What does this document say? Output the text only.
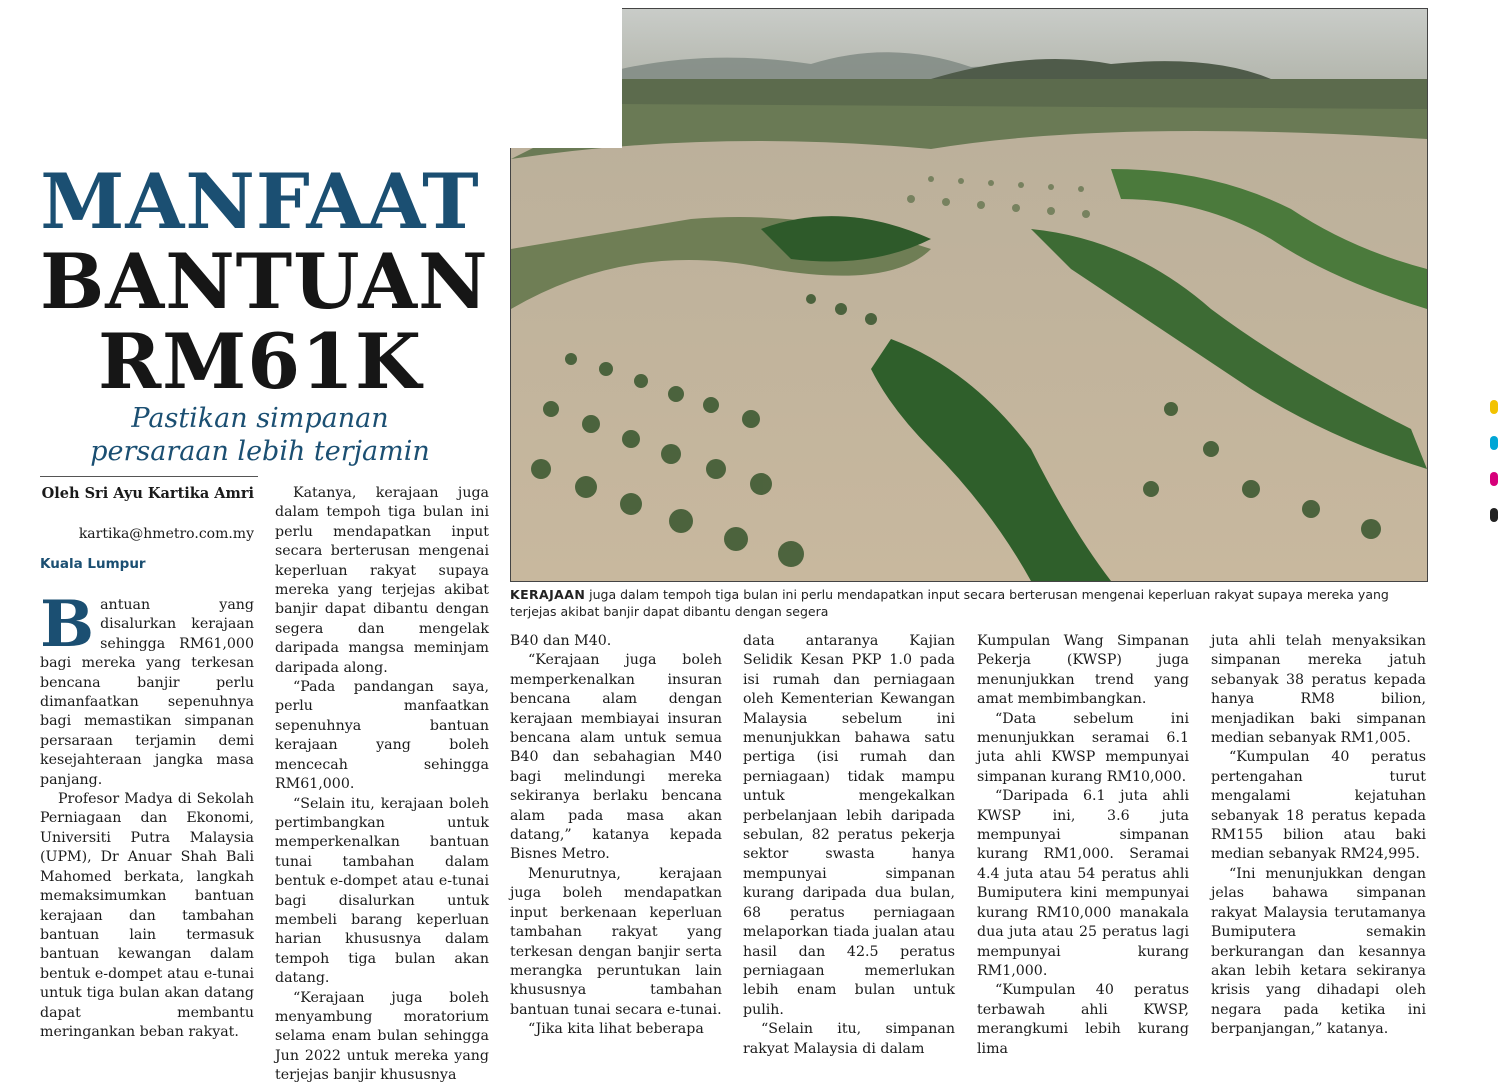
KERAJAAN juga dalam tempoh tiga bulan ini perlu mendapatkan input secara berterusan mengenai keperluan rakyat supaya mereka yang terjejas akibat banjir dapat dibantu dengan segera
MANFAAT
BANTUAN
RM61K
Pastikan simpanan persaraan lebih terjamin
Oleh Sri Ayu Kartika Amri
kartika@hmetro.com.my
Kuala Lumpur

Bantuan yang disalurkan kerajaan sehingga RM61,000 bagi mereka yang terkesan bencana banjir perlu dimanfaatkan sepenuhnya bagi memastikan simpanan persaraan terjamin demi kesejahteraan jangka masa panjang.

Profesor Madya di Sekolah Perniagaan dan Ekonomi, Universiti Putra Malaysia (UPM), Dr Anuar Shah Bali Mahomed berkata, langkah memaksimumkan bantuan kerajaan dan tambahan bantuan lain termasuk bantuan kewangan dalam bentuk e-dompet atau e-tunai untuk tiga bulan akan datang dapat membantu meringankan beban rakyat.

Katanya, kerajaan juga dalam tempoh tiga bulan ini perlu mendapatkan input secara berterusan mengenai keperluan rakyat supaya mereka yang terjejas akibat banjir dapat dibantu dengan segera dan mengelak daripada mangsa meminjam daripada along.

“Pada pandangan saya, perlu manfaatkan sepenuhnya bantuan kerajaan yang boleh mencecah sehingga RM61,000.

“Selain itu, kerajaan boleh pertimbangkan untuk memperkenalkan bantuan tunai tambahan dalam bentuk e-dompet atau e-tunai bagi disalurkan untuk membeli barang keperluan harian khususnya dalam tempoh tiga bulan akan datang.

“Kerajaan juga boleh menyambung moratorium selama enam bulan sehingga Jun 2022 untuk mereka yang terjejas banjir khususnya

B40 dan M40.

“Kerajaan juga boleh memperkenalkan insuran bencana alam dengan kerajaan membiayai insuran bencana alam untuk semua B40 dan sebahagian M40 bagi melindungi mereka sekiranya berlaku bencana alam pada masa akan datang,” katanya kepada Bisnes Metro.

Menurutnya, kerajaan juga boleh mendapatkan input berkenaan keperluan tambahan rakyat yang terkesan dengan banjir serta merangka peruntukan lain khususnya tambahan bantuan tunai secara e-tunai.

“Jika kita lihat beberapa

data antaranya Kajian Selidik Kesan PKP 1.0 pada isi rumah dan perniagaan oleh Kementerian Kewangan Malaysia sebelum ini menunjukkan bahawa satu pertiga (isi rumah dan perniagaan) tidak mampu untuk mengekalkan perbelanjaan lebih daripada sebulan, 82 peratus pekerja sektor swasta hanya mempunyai simpanan kurang daripada dua bulan, 68 peratus perniagaan melaporkan tiada jualan atau hasil dan 42.5 peratus perniagaan memerlukan lebih enam bulan untuk pulih.

“Selain itu, simpanan rakyat Malaysia di dalam

Kumpulan Wang Simpanan Pekerja (KWSP) juga menunjukkan trend yang amat membimbangkan.

“Data sebelum ini menunjukkan seramai 6.1 juta ahli KWSP mempunyai simpanan kurang RM10,000.

“Daripada 6.1 juta ahli KWSP ini, 3.6 juta mempunyai simpanan kurang RM1,000. Seramai 4.4 juta atau 54 peratus ahli Bumiputera kini mempunyai kurang RM10,000 manakala dua juta atau 25 peratus lagi mempunyai kurang RM1,000.

“Kumpulan 40 peratus terbawah ahli KWSP, merangkumi lebih kurang lima

juta ahli telah menyaksikan simpanan mereka jatuh sebanyak 38 peratus kepada hanya RM8 bilion, menjadikan baki simpanan median sebanyak RM1,005.

“Kumpulan 40 peratus pertengahan turut mengalami kejatuhan sebanyak 18 peratus kepada RM155 bilion atau baki median sebanyak RM24,995.

“Ini menunjukkan dengan jelas bahawa simpanan rakyat Malaysia terutamanya Bumiputera semakin berkurangan dan kesannya akan lebih ketara sekiranya krisis yang dihadapi oleh negara pada ketika ini berpanjangan,” katanya.
